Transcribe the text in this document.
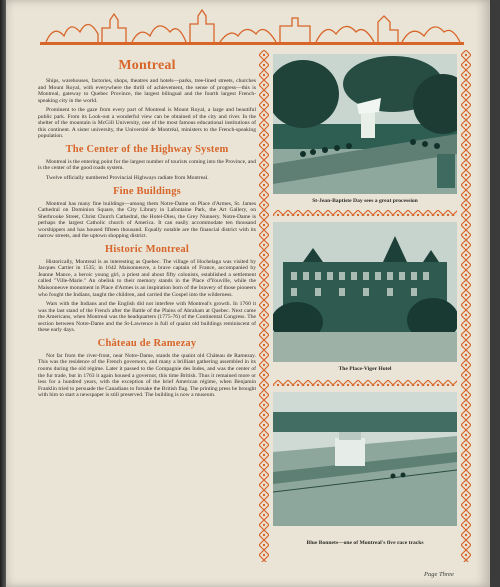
Montreal

Ships, warehouses, factories, shops, theatres and hotels—parks, tree-lined streets, churches and Mount Royal, with everywhere the thrill of achievement, the sense of progress—this is Montreal, gateway to Quebec Province, the largest bilingual and the fourth largest French-speaking city in the world.

Prominent to the gaze from every part of Montreal is Mount Royal, a large and beautiful public park. From its Look-out a wonderful view can be obtained of the city and river. In the shelter of the mountain is McGill University, one of the most famous educational institutions of this continent. A sister university, the Université de Montréal, ministers to the French-speaking population.

The Center of the Highway System

Montreal is the entering point for the largest number of tourists coming into the Province, and is the center of the good roads system.

Twelve officially numbered Provincial Highways radiate from Montreal.

Fine Buildings

Montreal has many fine buildings—among them Notre-Dame on Place d'Armes, St. James Cathedral on Dominion Square, the City Library in Lafontaine Park, the Art Gallery, on Sherbrooke Street, Christ Church Cathedral, the Hotel-Dieu, the Grey Nunnery. Notre-Dame is perhaps the largest Catholic church of America. It can easily accommodate ten thousand worshippers and has housed fifteen thousand. Equally notable are the financial district with its narrow streets, and the uptown shopping district.

Historic Montreal

Historically, Montreal is as interesting as Quebec. The village of Hochelaga was visited by Jacques Cartier in 1535; in 1642 Maisonneuve, a brave captain of France, accompanied by Jeanne Mance, a heroic young girl, a priest and about fifty colonists, established a settlement called "Ville-Marie." An obelisk to their memory stands in the Place d'Youville, while the Maisonneuve monument in Place d'Armes is an inspiration born of the bravery of those pioneers who fought the Indians, taught the children, and carried the Gospel into the wilderness.

Wars with the Indians and the English did not interfere with Montreal's growth. In 1760 it was the last stand of the French after the Battle of the Plains of Abraham at Quebec. Next came the Americans, when Montreal was the headquarters (1775-76) of the Continental Congress. The section between Notre-Dame and the St-Lawrence is full of quaint old buildings reminiscent of these early days.

Château de Ramezay

Not far from the river-front, near Notre-Dame, stands the quaint old Château de Ramezay. This was the residence of the French governors, and many a brilliant gathering assembled in its rooms during the old régime. Later it passed to the Compagnie des Indes, and was the center of the fur trade, but in 1763 it again housed a governor, this time British. Thus it remained more or less for a hundred years, with the exception of the brief American régime, when Benjamin Franklin tried to persuade the Canadians to forsake the British flag. The printing press he brought with him to start a newspaper is still preserved. The building is now a museum.

St-Jean-Baptiste Day sees a great procession
The Place-Viger Hotel
Blue Bonnets—one of Montreal's five race tracks
Page Three
